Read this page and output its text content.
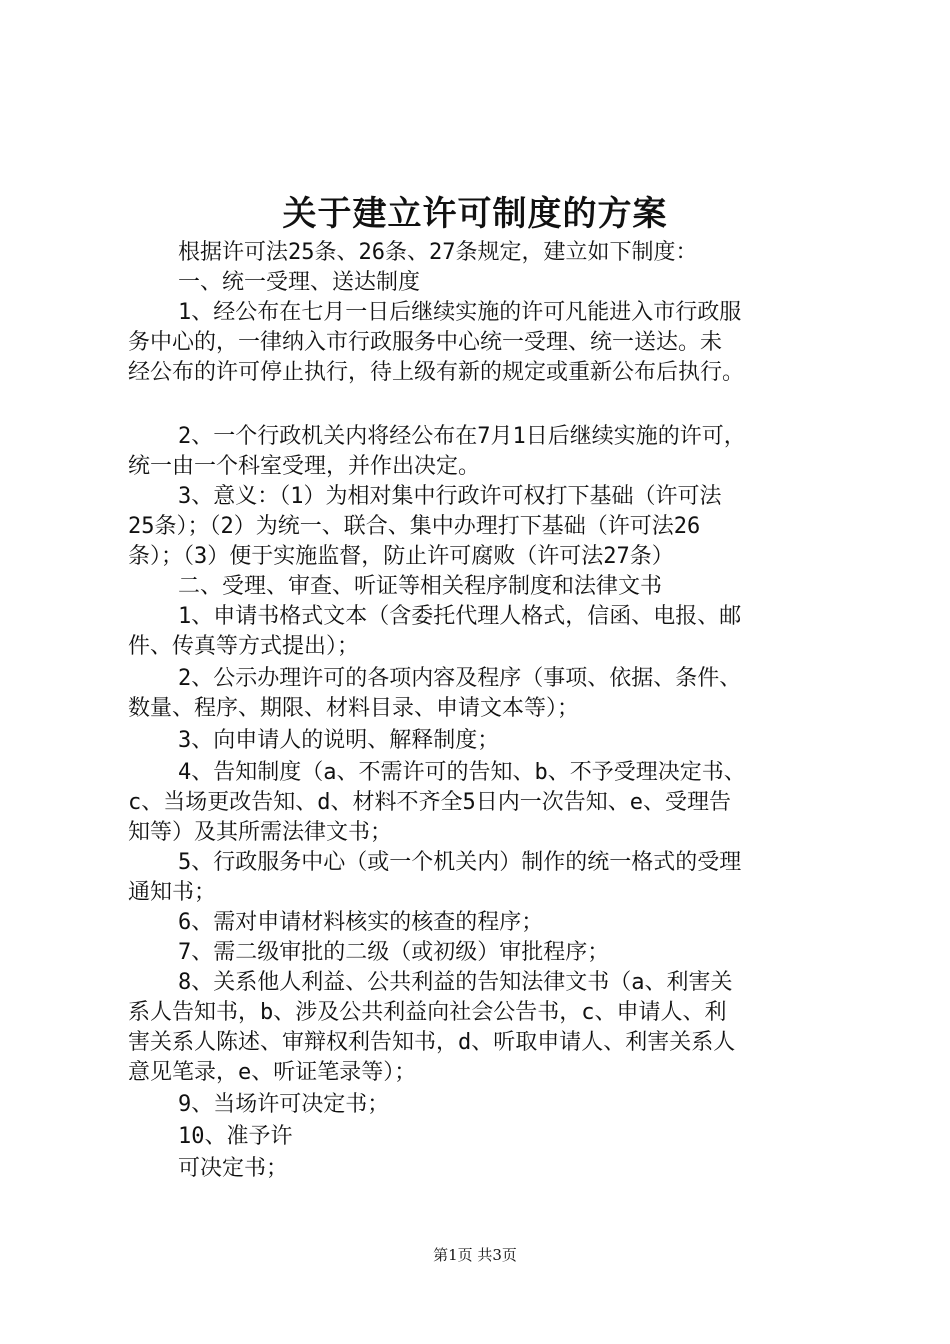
关于建立许可制度的方案
根据许可法25条、26条、27条规定，建立如下制度：
一、统一受理、送达制度
1、经公布在七月一日后继续实施的许可凡能进入市行政服
务中心的，一律纳入市行政服务中心统一受理、统一送达。未
经公布的许可停止执行，待上级有新的规定或重新公布后执行。
2、一个行政机关内将经公布在7月1日后继续实施的许可，
统一由一个科室受理，并作出决定。
3、意义：（1）为相对集中行政许可权打下基础（许可法
25条）；（2）为统一、联合、集中办理打下基础（许可法26
条）；（3）便于实施监督，防止许可腐败（许可法27条）
二、受理、审查、听证等相关程序制度和法律文书
1、申请书格式文本（含委托代理人格式，信函、电报、邮
件、传真等方式提出）；
2、公示办理许可的各项内容及程序（事项、依据、条件、
数量、程序、期限、材料目录、申请文本等）；
3、向申请人的说明、解释制度；
4、告知制度（a、不需许可的告知、b、不予受理决定书、
c、当场更改告知、d、材料不齐全5日内一次告知、e、受理告
知等）及其所需法律文书；
5、行政服务中心（或一个机关内）制作的统一格式的受理
通知书；
6、需对申请材料核实的核查的程序；
7、需二级审批的二级（或初级）审批程序；
8、关系他人利益、公共利益的告知法律文书（a、利害关
系人告知书，b、涉及公共利益向社会公告书，c、申请人、利
害关系人陈述、审辩权利告知书，d、听取申请人、利害关系人
意见笔录，e、听证笔录等）；
9、当场许可决定书；
10、准予许
可决定书；
第1页 共3页
